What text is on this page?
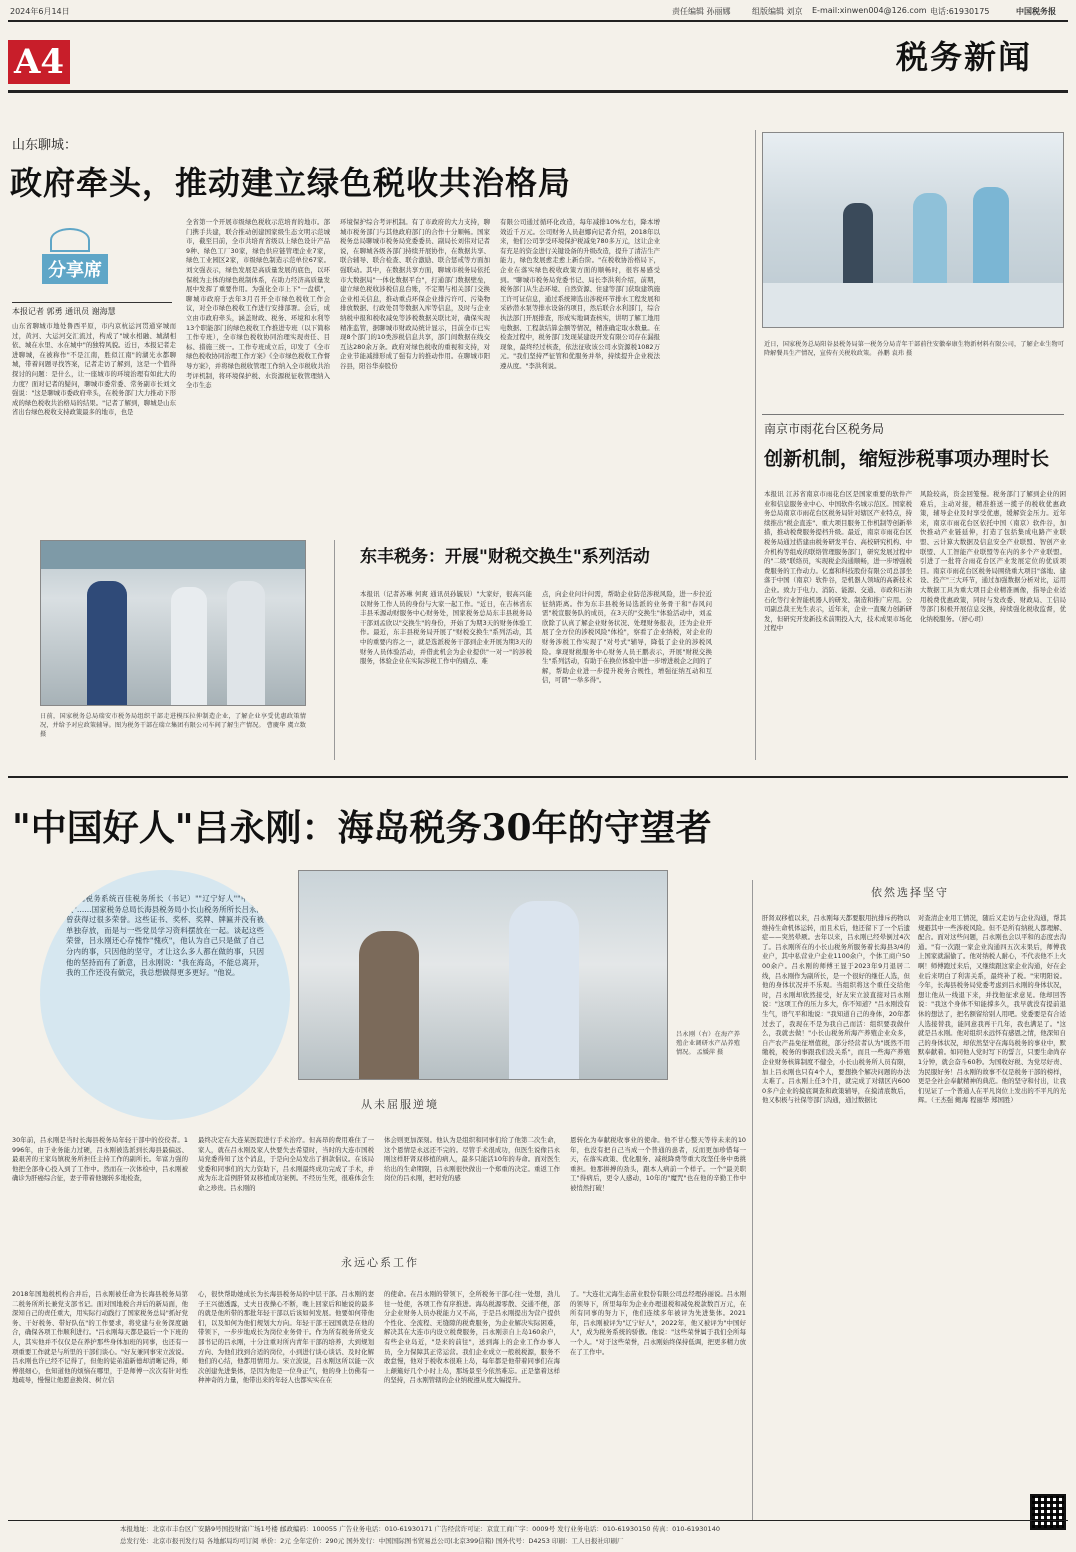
2024年6月14日	责任编辑 孙丽娜	组版编辑 刘京 E-mail:xinwen004@126.com 电话:61930175	中国税务报
A4	税务新闻
山东聊城：
政府牵头，推动建立绿色税收共治格局
分享席
本报记者 郭勇 通讯员 谢海慧
山东省聊城市地处鲁西平原，市内京杭运河贯通穿城而过，黄河、大运河交汇流过，构成了"城水相融、城湖相依、城在水里、水在城中"的独特风貌。近日，本报记者走进聊城，在被称作"不是江南，胜似江南"的湖光水都聊城，带着问题寻找答案，记者走访了解到，这是一个值得探讨的问题：是什么，让一座城市的环境治理有如此大的力度？面对记者的疑问，聊城市委常委、常务副市长刘文强说："这是聊城市委政府牵头，在税务部门大力推动下形成的绿色税收共治格局的结果。"记者了解到，聊城是山东省出台绿色税收支持政策最多的地市，也是
全省第一个开展市级绿色税收示范培育的地市。部门携手共建，联合推动创建国家级生态文明示范城市，截至目前，全市共培育省级以上绿色设计产品9种、绿色工厂30家，绿色供应链管理企业7家，绿色工业园区2家，市级绿色制造示范单位67家。刘文强表示，绿色发展是高质量发展的底色，以环保税为主体的绿色税制体系，在助力经济高质量发展中发挥了重要作用。为强化全市上下"一盘棋"，聊城市政府于去年3月召开全市绿色税收工作会议，对全市绿色税收工作进行安排部署。会后，成立由市政府牵头，涵盖财政、税务、环境和水利等13个职能部门的绿色税收工作推进专班（以下简称工作专班），全市绿色税收协同治理实现责任、目标、措施三统一。工作专班成立后，印发了《全市绿色税收协同治理工作方案》《全市绿色税收工作督导方案》，并将绿色税收管理工作纳入全市税收共治考评机制，将环境保护税、水资源税征收管理纳入全市生态
环境保护综合考评机制。有了市政府的大力支持，聊城市税务部门与其他政府部门的合作十分顺畅。国家税务总局聊城市税务局党委委员、副局长刘伟对记者说，在聊城各级各部门持续开展协作，在数据共享、联合辅导、联合检查、联合激励、联合惩戒等方面加强联动。其中，在数据共享方面，聊城市税务局依托市大数据局"一体化数据平台"，打通部门数据壁垒，建立绿色税收涉税信息台账，不定期与相关部门交换企业相关信息，推动重点环保企业排污许可、污染物排放数据、行政处罚等数据入库等信息，及时与企业纳税申报和税收减免等涉税数据关联比对，确保实现精准监管，据聊城市财政局统计显示，目前全市已实现8个部门的10类涉税信息共享，部门间数据在线交互达280余万条。政府对绿色税收的重视和支持，对企业节能减排形成了强有力的推动作用。在聊城市阳谷县，阳谷华泰股份
有限公司通过循环化改造，每年减排10%左右，降本增效近千万元。公司财务人员赵娜向记者介绍，2018年以来，他们公司享受环境保护税减免780多万元，这让企业有充足的资金进行关键设备的升级改造，提升了清洁生产能力，绿色发展愈走愈上新台阶。"在税收协治格局下，企业在落实绿色税收政策方面的顺畅时，很容易感受到。"聊城市税务局党委书记、局长李洪利介绍，前期，税务部门从生态环境、自然资源、住建等部门获取建筑施工许可证信息，通过系统筛选出涉税环节排水工程发展和采砂潜水泵等排水设备的项目，然后联合水利部门，综合执法部门开展排查，形成实地调查核实，讲明了解工地用电数据、工程款结算金额等情况，精准确定取水数量。在检查过程中，税务部门发现某建设开发有限公司存在漏报现象，最终经过核查，依法征收该公司水资源税1082万元。"我们坚持严征管和优服务并举，持续提升企业税法遵从度。"李洪利说。
近日，国家税务总局阳谷县税务局第一税务分局青年干部前往安徽奉康生物新材料有限公司，了解企业生物可降解餐具生产情况，宣传有关税收政策。 孙鹏 袁玮 摄
南京市雨花台区税务局
创新机制，缩短涉税事项办理时长
本报讯 江苏省南京市雨花台区是国家重要的软件产业和信息服务业中心、中国软件名城示范区。国家税务总局南京市雨花台区税务局针对辖区产业特点，持续推出"税企直连"、重大项目服务工作机制等创新举措，推动税费服务提档升级。最近，南京市雨花台区税务局通过搭建由税务研发平台、高校研究机构、中介机构等组成的联络管理服务部门，研究发展过程中的"二级"联络员，实现税企沟通顺畅，进一步增强税费服务的工作动力。亿嘉和科技股份有限公司总部坐落于中国（南京）软件谷，是机器人领域的高新技术企业。致力于电力、消防、能源、交通、市政和石油石化等行业智能机器人的研发、制造和推广应用。公司副总裁王先生表示，近年来，企业一直聚力创新研发，但研究开发新技术前期投入大，技术成果市场化过程中
风险较高，资金回笼慢。税务部门了解到企业的困难后，主动对接，精准推送一揽子的税收优惠政策，辅导企业及时享受优惠，缓解资金压力。近年来，南京市雨花台区依托中国（南京）软件谷，加快推动产业链延伸，打造了包括集成电路产业联盟、云计算大数据及信息安全产业联盟、智创产业联盟、人工智能产业联盟等在内的多个产业联盟。引进了一批符合雨花台区产业发展定位的优质项目。南京市雨花台区税务局围绕重大项目"落地、建设、投产"三大环节，通过加强数据分析对比，运用大数据工具为重大项目企业精准画像，指导企业适用税费优惠政策，同时与发改委、财政局、工信局等部门积极开展信息交换，持续强化税收监督，优化纳税服务。（舒心玥）
日前，国家税务总局瑞安市税务局组织干部走进模压拉伸制造企业，了解企业享受优惠政策情况，并给予对应政策辅导。图为税务干部在瑞立集团有限公司车间了解生产情况。 曹慶华 虞立数 摄
东丰税务：开展"财税交换生"系列活动
本报讯（记者苏琳 何爽 通讯员孙毓辰）"大家好，很高兴能以财务工作人员的身份与大家一起工作。"近日，在吉林省东丰县禾源动财服务中心财务处，国家税务总局东丰县税务局干部刘孟欣以"交换生"的身份，开始了为期3天的财务体验工作。最近，东丰县税务局开展了"财税交换生"系列活动，其中的重要内容之一，就是选派税务干部到企业开展为期3天的财务人员体验活动，并借此机会为企业提供"一对一"的涉税服务，体验企业在实际涉税工作中的痛点、难
点，向企业问计问需，帮助企业防范涉税风险，进一步拉近征纳距离。作为东丰县税务局选派的业务骨干和"春风问需"税宣服务队的成员，在3天的"交换生"体验活动中，刘孟欣除了认真了解企业财务状况、处理财务报表，还为企业开展了全方位的涉税风险"体检"，察看了企业纳税，对企业的财务涉税工作实现了"对号式"辅导，降低了企业的涉税风险。拿现财税服务中心财务人员王鹏表示，开展"财税交换生"系列活动，有助于在换位体验中进一步增进税企之间的了解，帮助企业进一步提升税务合规性，增强征纳互动和互信，可谓"一举多得"。
"中国好人"吕永刚：海岛税务30年的守望者
"全国税务系统百佳税务所长（书记）""辽宁好人""中国好人"……国家税务总局长海县税务局小长山税务所所长吕永刚曾获得过很多荣誉。这些证书、奖杯、奖牌、牌匾并没有被单独存放，而是与一些党员学习资料摆放在一起。谈起这些荣誉，吕永刚还心存愧怍"愧疚"，他认为自己只是做了自己分内的事，只因他的坚守，才让这么多人都在做的事，只因他的坚持而有了新意，吕永刚说："我在海岛，不能总离开，我的工作还没有做完，我总想做得更多更好。"他说。
吕永刚（右）在海产养殖企业调研水产品养殖情况。 孟媛萍 摄
从未屈服逆境
依然选择坚守
30年前，吕永刚是当时长海县税务局年轻干部中的佼佼者。1996年，由于业务能力过硬，吕永刚被选派到长海县最偏远、最艰苦的王家岛镇税务所担任主持工作的副所长。年富力强的他把全部身心投入到了工作中。然而在一次体检中，吕永刚被确诊为肝癌综合征，妻子带着他辗转多地检查，
最终决定在大连某医院进行手术治疗。但高昂的费用难住了一家人，就在吕永刚及家人快要失去希望时，当时的大连市国税局党委得知了这个消息，于是向全局发出了捐款倡议。在该局党委和同事们的大力资助下，吕永刚最终成功完成了手术，并成为东北首例肝肾双移植成功案例。不经历生死，很难体会生命之珍贵。吕永刚的
体会则更加深刻。他认为是组织和同事们给了他第二次生命，这个恩情是永远还不完的。尽管手术很成功，但医生说像吕永刚这样肝肾双移植的病人，最多只能活10年的寿命。面对医生给出的生命期限，吕永刚很快做出一个郑重的决定。重返工作岗位的吕永刚，把对党的感
恩转化为奉献税收事业的使命。他不甘心整天等待未来的10年，也没有把自己当成一个普通的患者，反而更加珍惜每一天，在落实政策、优化服务、减税降费等重大攻坚任务中勇挑重担。他那拼搏的劲头，跟本人病前一个样子。一个"最美职工"得病后，更令人感动，10年的"魔咒"也在他的辛勤工作中被悄然打破！
永远心系工作
2018年国地税机构合并后，吕永刚被任命为长海县税务局第二税务所所长兼党支部书记。面对国地税合并后的新局面，他深知自己的责任重大，用实际行动践行了国家税务总局"抓好党务、干好税务、带好队伍"的工作要求，将党建与业务深度融合，确保各项工作顺利进行。"吕永刚每天都是最后一个下班的人，其实他并不仅仅是在养护那些身体加班的同事，也还有一项重要工作就是与所里的干部们谈心。"好友兼同事宋立波说。吕永刚也许已经不记得了，但他的徒弟浦新德却清晰记得，师傅很细心，也知道他的烦恼在哪里，于是师傅一次次有针对性地疏导，慢慢让他愿意换岗、树立信
心，很快帮助她成长为长海县税务局的中层干部。吕永刚的妻子王兴德透露，丈夫日夜操心不断，晚上回家后和她说的最多的就是他所带的那批年轻干部以后该如何发展。他要如何带他们，以及如何为他们规划大方向。年轻干部王冠国就是在他的带领下，一步步地成长为岗位业务骨干。作为所有税务所党支部书记的吕永刚，十分注重对所内青年干部的培养，大到规划方向、为他们找到合适的岗位，小到进行谈心谈话、及时化解他们的心结，他都用情用力。宋立波说，吕永刚这所以能一次次创建先进集体，是因为他是一位身正气，他的身上仿佛有一种神奇的力量，他带出来的年轻人也都实实在在
的使命。在吕永刚的带领下，全所税务干部心往一处想，劲儿往一处使，各项工作有序推进。海岛税源零散、交通不便，部分企业财务人员办税能力又不高，于是吕永刚提出为营户提供个性化、全流程、无缝隙的税费服务，为企业解决实际困难，解决其在大连市内设立税费服务，吕永刚亲自上岛160余户，有些企业岛近，"是来的前往"，送到海上的企业工作办事人员，全力保障其正常运营。我们企业成立一般税税源，服务不敢怠慢，他对于税收本很难上岛，每年都是他带着同事们在海上颠簸好几个小时上岛，那场景至今依然难忘。正是靠着这样的坚持，吕永刚管辖的企业纳税遵从度大幅提升。
了。"大连壮元海生态苗业股份有限公司总经理孙丽说。吕永刚的领导下，所里每年为企业办理退税和减免税款数百万元，在所有同事的努力下，他们连续多年被评为先进集体。2021年，吕永刚被评为"辽宁好人"，2022年，他又被评为"中国好人"，成为税务系统的骄傲。他说："这些荣誉属于我们全所每一个人。"对于这些荣誉，吕永刚始终保持低调，把更多精力放在了工作中。
肝肾双移植以来，吕永刚每天都要服用抗排斥药物以维持生命机体运转，而且术后，他还留下了一个后遗症——突然晕厥。去年以来，吕永刚已经晕倒过4次了。吕永刚所在的小长山税务所服务着长海县3/4的业户，其中私营业户企业1100余户，个体工商户5000余户。吕永刚的师傅王显于2023年9月退居二线，吕永刚作为副所长，是一个很好的继任人选，但他的身体状况并不乐观。当组织将这个重任交给他时，吕永刚却欣然接受，好友宋立波直接对吕永刚说："这项工作的压力多大，你不知道？"吕永刚没有生气，语气平和地说："我知道自己的身体，20年都过去了，我现在不是为我自己而活：组织要我做什么，我就去做！"小长山税务所海产养殖企业众多，自产农产品免征增值税，部分经营者认为"既然不用缴税，税务的事跟我们没关系"，而且一些海产养殖企业财务核算制度不健全，小长山税务所人员有限，加上吕永刚也只有4个人，要想换个解决问题的办法太难了。吕永刚上任3个月，就完成了对辖区内6000多户企业的摸底调查和政策辅导，在摸清底数后，他又积极与社保等部门沟通，通过数据比
对查清企业用工情况，随后又走访与企业沟通，帮其规避其中一些涉税风险。但不是所有纳税人都理解、配合。面对这些问题，吕永刚也会以平和的态度去沟通。"有一次跟一家企业沟通四五次未果后，师傅我上国家就漏偷了。他对纳税人耐心，不代表他不上火啊！师傅跑过来后，又继续跟这家企业沟通，好在企业后来明白了利害关系，最终补了税。"宋明阳说。今年，长海县税务局党委考虑到吕永刚的身体状况，想让他从一线退下来，并找他征求意见。他却回答说："我这个身体不知能撑多久，我早就没有提前退休的想法了，把名额留给别人用吧。党委要是有合适人选接替我，能同意我再干几年，我也满足了。"这就是吕永刚。他对组织永远怀有感恩之情，他深知自己的身体状况，却依然坚守在海岛税务的事业中，默默奉献着。如同他人党时写下的誓言，只要生命尚存1分钟，就会奋斗60秒。为国收好税、为党尽好责、为民服好务！吕永刚的故事不仅是税务干部的榜样，更是全社会奉献精神的典范。他的坚守和付出，让我们见证了一个普通人在平凡岗位上发出的不平凡的光辉。（王杰强 鲍海 程丽华 郑国胜）
本报地址：北京市丰台区广安路9号国投财富广场1号楼 邮政编码：100055 广告业务电话：010-61930171 广告经营许可证：京宣工商广字：0009号 发行业务电话：010-61930150 传真：010-61930140
总发行处：北京市报刊发行局 各地邮局均可订阅 单价：2元 全年定价：290元 国外发行：中国国际图书贸易总公司(北京399信箱) 国外代号：D4253 印刷：工人日报社印刷厂
